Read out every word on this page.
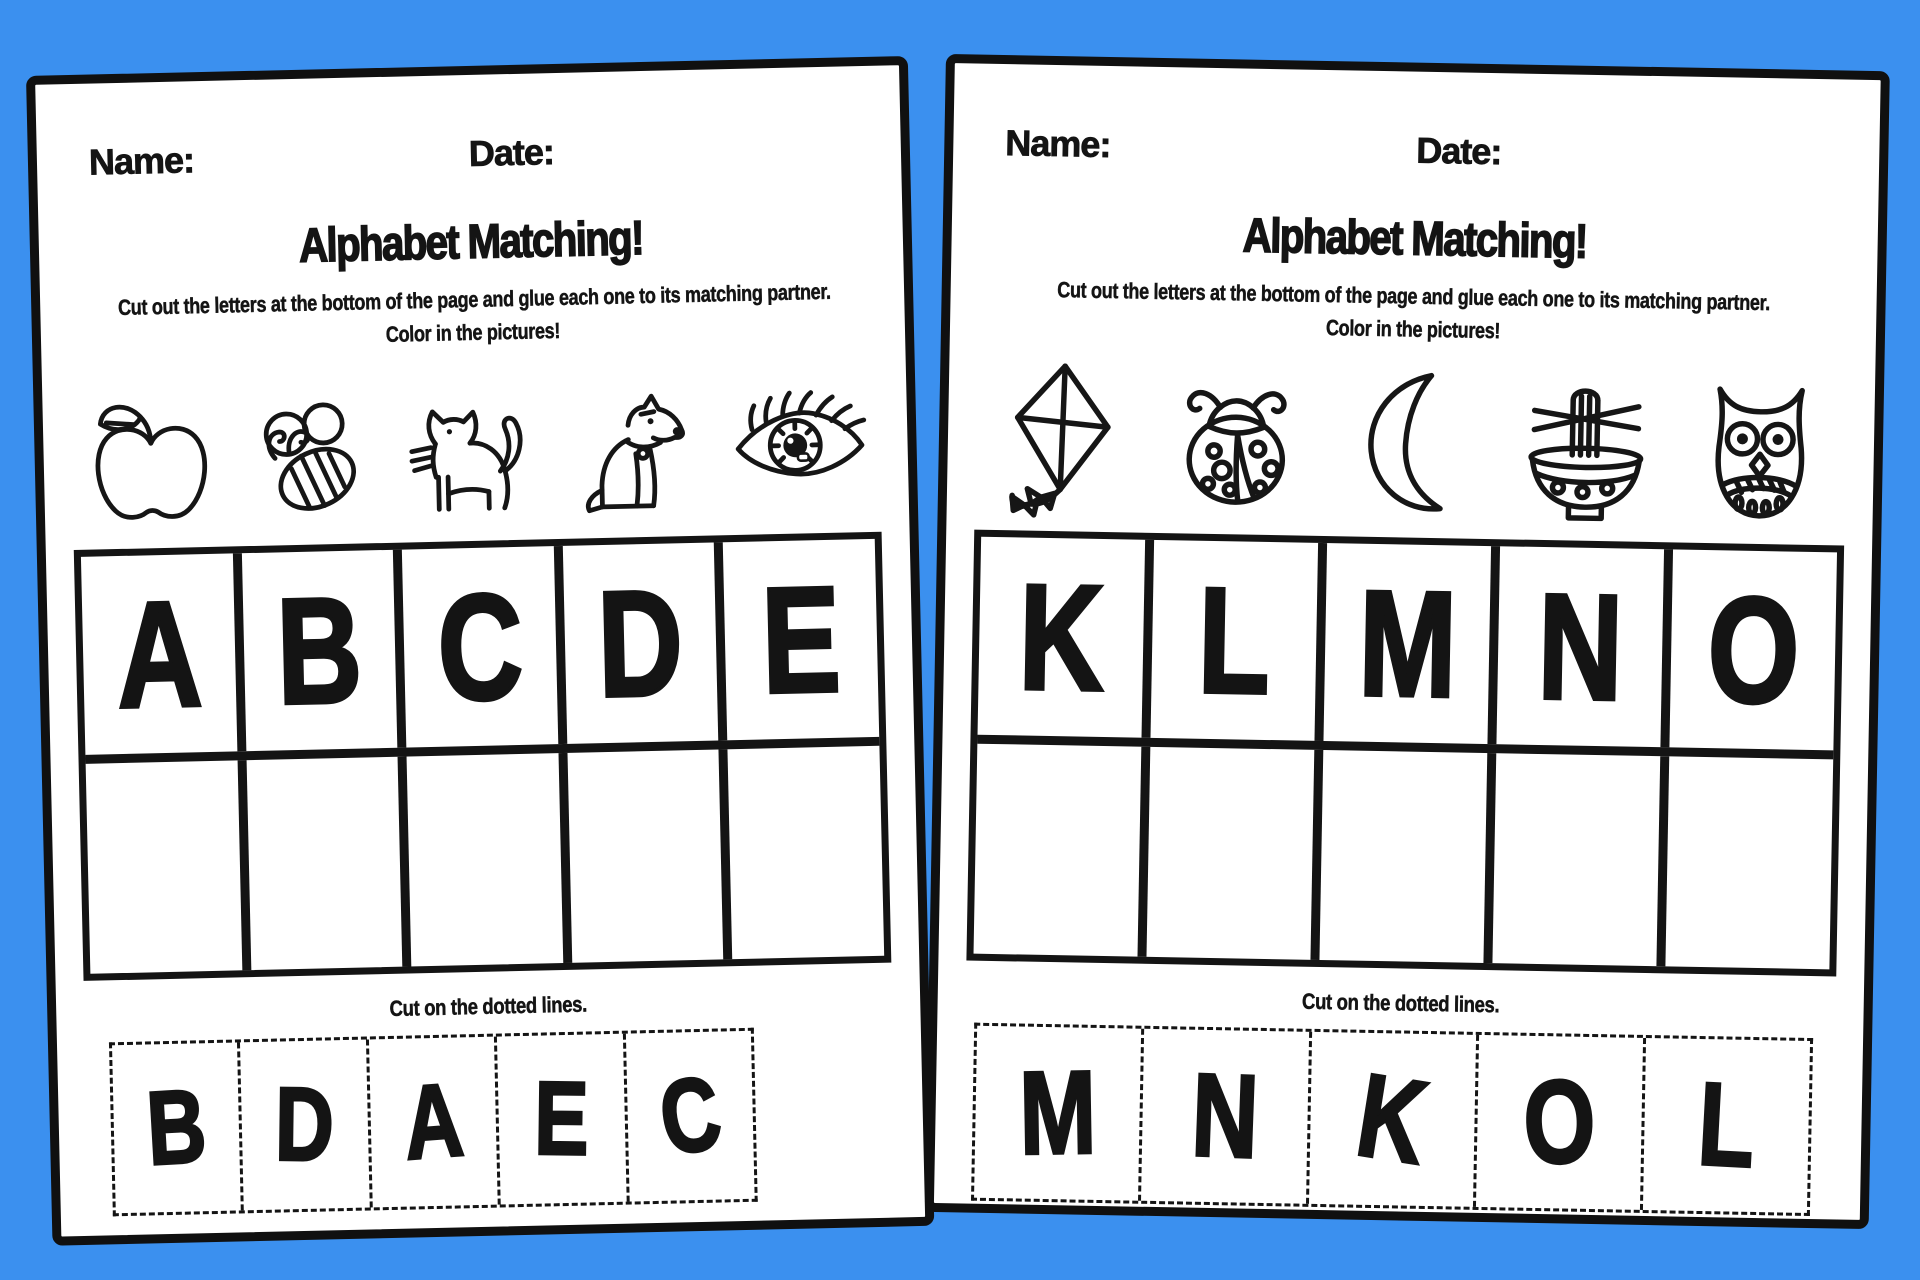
Name:	Date:
Alphabet Matching!

Cut out the letters at the bottom of the page and glue each one to its matching partner.
Color in the pictures!

A B C D E

Cut on the dotted lines.

B D A E C
Name:	Date:
Alphabet Matching!

Cut out the letters at the bottom of the page and glue each one to its matching partner.
Color in the pictures!

K L M N O

Cut on the dotted lines.

M N K O L
